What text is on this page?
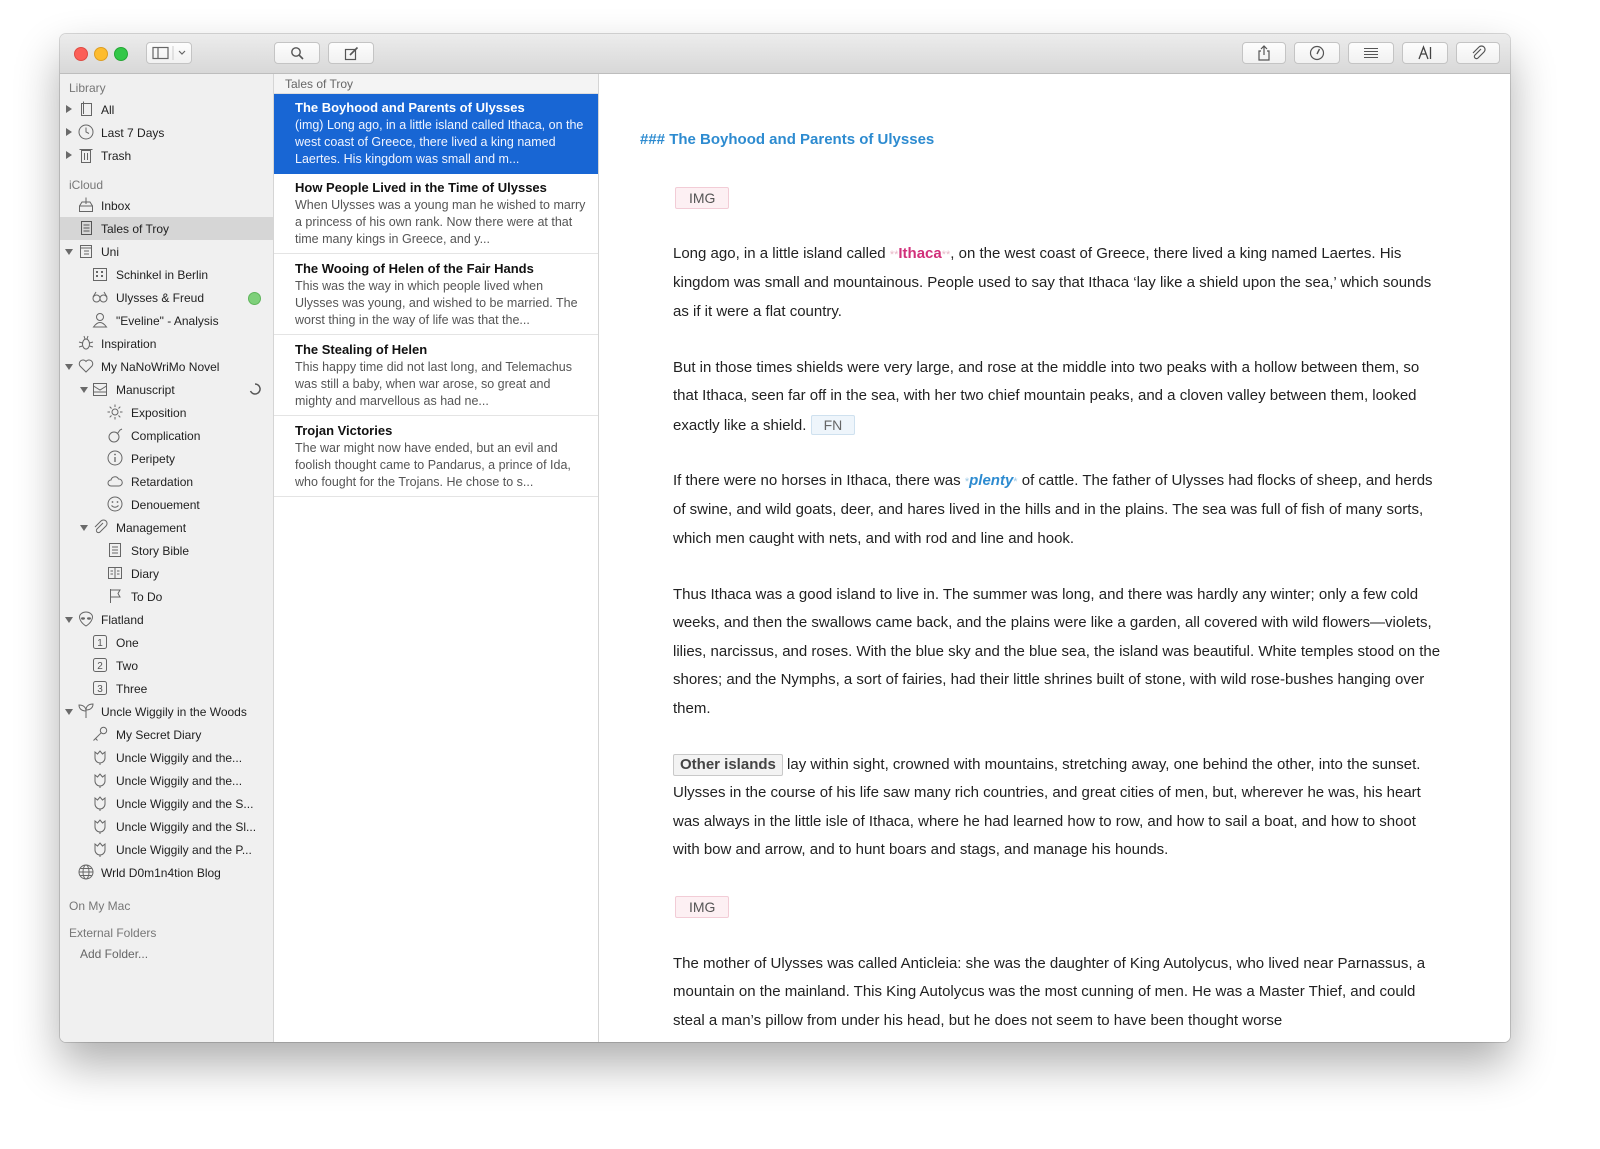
Library
All
Last 7 Days
Trash
iCloud
Inbox
Tales of Troy
Uni
Schinkel in Berlin
Ulysses & Freud
"Eveline" - Analysis
Inspiration
My NaNoWriMo Novel
Manuscript
Exposition
Complication
Peripety
Retardation
Denouement
Management
Story Bible
Diary
To Do
Flatland
1 One
2 Two
3 Three
Uncle Wiggily in the Woods
My Secret Diary
Uncle Wiggily and the...
Uncle Wiggily and the...
Uncle Wiggily and the S...
Uncle Wiggily and the Sl...
Uncle Wiggily and the P...
Wrld D0m1n4tion Blog
On My Mac
External Folders
Add Folder...
Tales of Troy
The Boyhood and Parents of Ulysses
(img) Long ago, in a little island called Ithaca, on the west coast of Greece, there lived a king named Laertes. His kingdom was small and m...
How People Lived in the Time of Ulysses
When Ulysses was a young man he wished to marry a princess of his own rank. Now there were at that time many kings in Greece, and y...
The Wooing of Helen of the Fair Hands
This was the way in which people lived when Ulysses was young, and wished to be married. The worst thing in the way of life was that the...
The Stealing of Helen
This happy time did not last long, and Telemachus was still a baby, when war arose, so great and mighty and marvellous as had ne...
Trojan Victories
The war might now have ended, but an evil and foolish thought came to Pandarus, a prince of Ida, who fought for the Trojans. He chose to s...
### The Boyhood and Parents of Ulysses
IMG
Long ago, in a little island called **Ithaca**, on the west coast of Greece, there lived a king named Laertes. His kingdom was small and mountainous. People used to say that Ithaca ‘lay like a shield upon the sea,’ which sounds as if it were a flat country.
But in those times shields were very large, and rose at the middle into two peaks with a hollow between them, so that Ithaca, seen far off in the sea, with her two chief mountain peaks, and a cloven valley between them, looked exactly like a shield. FN
If there were no horses in Ithaca, there was *plenty* of cattle. The father of Ulysses had flocks of sheep, and herds of swine, and wild goats, deer, and hares lived in the hills and in the plains. The sea was full of fish of many sorts, which men caught with nets, and with rod and line and hook.
Thus Ithaca was a good island to live in. The summer was long, and there was hardly any winter; only a few cold weeks, and then the swallows came back, and the plains were like a garden, all covered with wild flowers—violets, lilies, narcissus, and roses. With the blue sky and the blue sea, the island was beautiful. White temples stood on the shores; and the Nymphs, a sort of fairies, had their little shrines built of stone, with wild rose-bushes hanging over them.
Other islands lay within sight, crowned with mountains, stretching away, one behind the other, into the sunset. Ulysses in the course of his life saw many rich countries, and great cities of men, but, wherever he was, his heart was always in the little isle of Ithaca, where he had learned how to row, and how to sail a boat, and how to shoot with bow and arrow, and to hunt boars and stags, and manage his hounds.
IMG
The mother of Ulysses was called Anticleia: she was the daughter of King Autolycus, who lived near Parnassus, a mountain on the mainland. This King Autolycus was the most cunning of men. He was a Master Thief, and could steal a man’s pillow from under his head, but he does not seem to have been thought worse
